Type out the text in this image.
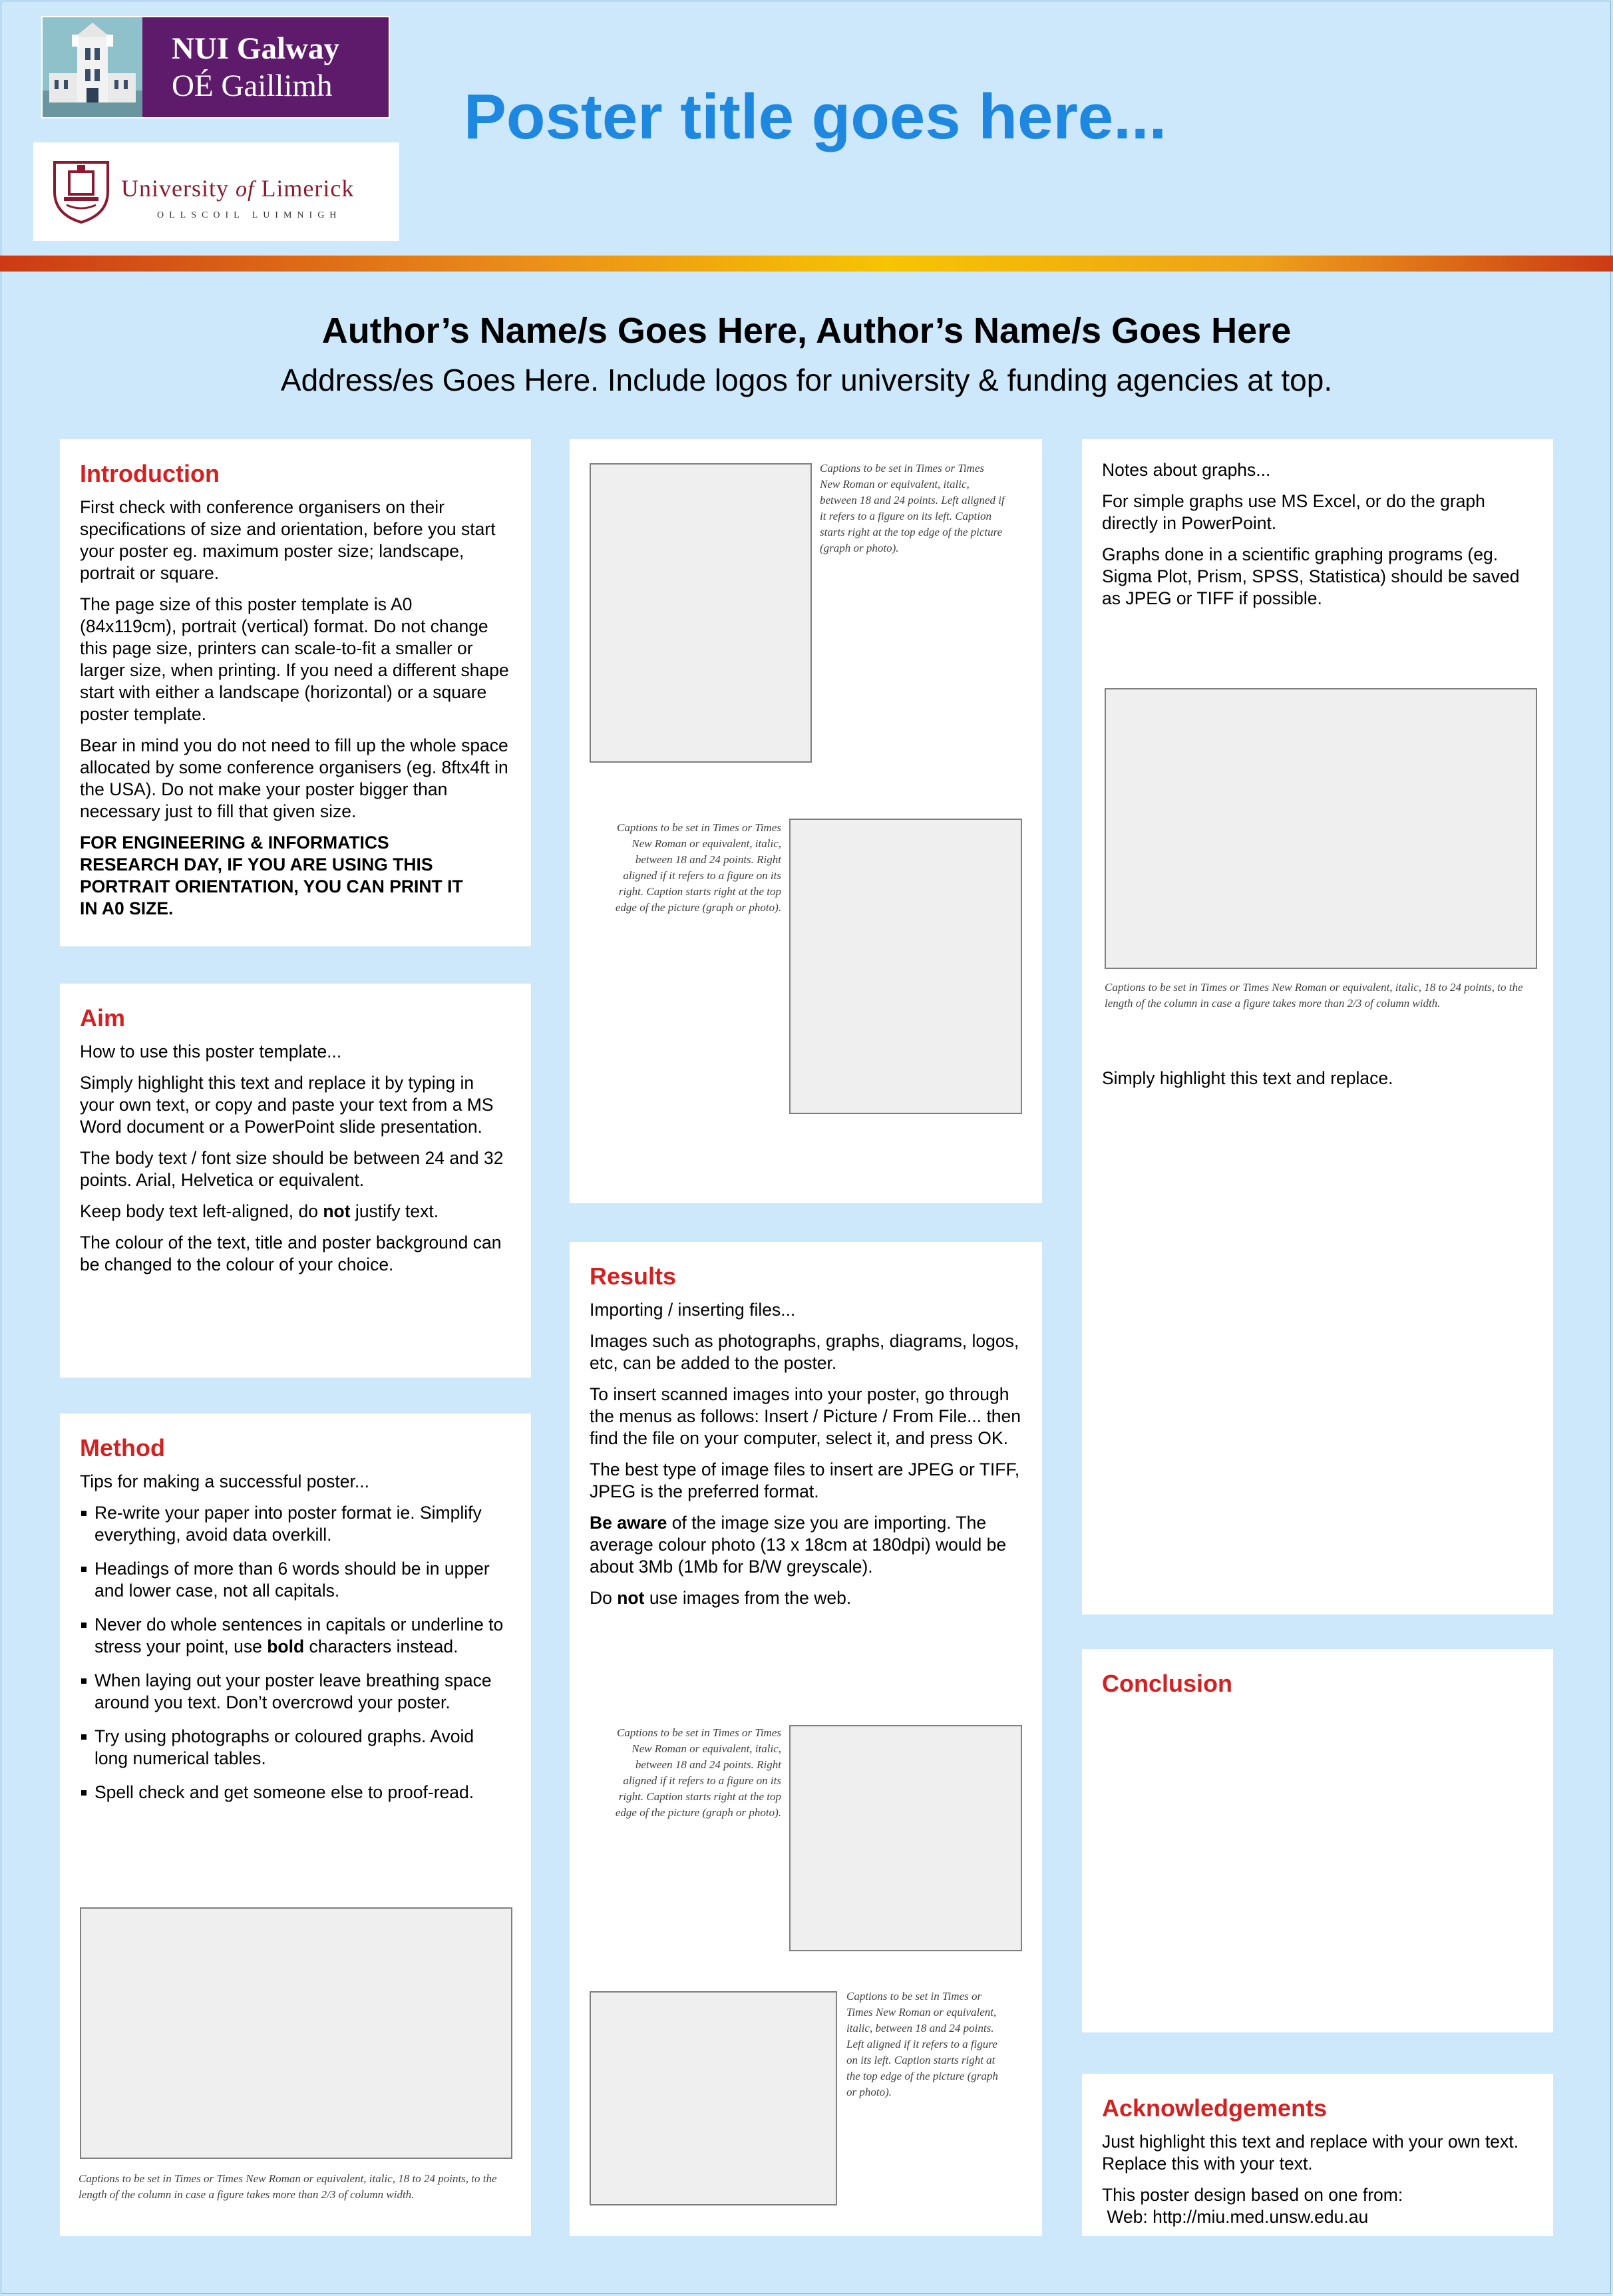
NUI Galway
OÉ Gaillimh
University of Limerick
OLLSCOIL LUIMNIGH
Poster title goes here...
Author’s Name/s Goes Here, Author’s Name/s Goes Here
Address/es Goes Here. Include logos for university & funding agencies at top.
Introduction

First check with conference organisers on their specifications of size and orientation, before you start your poster eg. maximum poster size; landscape, portrait or square.

The page size of this poster template is A0 (84x119cm), portrait (vertical) format. Do not change this page size, printers can scale-to-fit a smaller or larger size, when printing. If you need a different shape start with either a landscape (horizontal) or a square poster template.

Bear in mind you do not need to fill up the whole space allocated by some conference organisers (eg. 8ftx4ft in the USA). Do not make your poster bigger than necessary just to fill that given size.

FOR ENGINEERING & INFORMATICS RESEARCH DAY, IF YOU ARE USING THIS PORTRAIT ORIENTATION, YOU CAN PRINT IT IN A0 SIZE.

Aim

How to use this poster template...

Simply highlight this text and replace it by typing in your own text, or copy and paste your text from a MS Word document or a PowerPoint slide presentation.

The body text / font size should be between 24 and 32 points. Arial, Helvetica or equivalent.

Keep body text left-aligned, do not justify text.

The colour of the text, title and poster background can be changed to the colour of your choice.

Method

Tips for making a successful poster...

Re-write your paper into poster format ie. Simplify everything, avoid data overkill.
Headings of more than 6 words should be in upper and lower case, not all capitals.
Never do whole sentences in capitals or underline to stress your point, use bold characters instead.
When laying out your poster leave breathing space around you text. Don’t overcrowd your poster.
Try using photographs or coloured graphs. Avoid long numerical tables.
Spell check and get someone else to proof-read.
Captions to be set in Times or Times New Roman or equivalent, italic, 18 to 24 points, to the length of the column in case a figure takes more than 2/3 of column width.
Captions to be set in Times or Times New Roman or equivalent, italic, between 18 and 24 points. Left aligned if it refers to a figure on its left. Caption starts right at the top edge of the picture (graph or photo).
Captions to be set in Times or Times New Roman or equivalent, italic, between 18 and 24 points. Right aligned if it refers to a figure on its right. Caption starts right at the top edge of the picture (graph or photo).
Results

Importing / inserting files...

Images such as photographs, graphs, diagrams, logos, etc, can be added to the poster.

To insert scanned images into your poster, go through the menus as follows: Insert / Picture / From File... then find the file on your computer, select it, and press OK.

The best type of image files to insert are JPEG or TIFF, JPEG is the preferred format.

Be aware of the image size you are importing. The average colour photo (13 x 18cm at 180dpi) would be about 3Mb (1Mb for B/W greyscale).

Do not use images from the web.

Captions to be set in Times or Times New Roman or equivalent, italic, between 18 and 24 points. Right aligned if it refers to a figure on its right. Caption starts right at the top edge of the picture (graph or photo).
Captions to be set in Times or Times New Roman or equivalent, italic, between 18 and 24 points. Left aligned if it refers to a figure on its left. Caption starts right at the top edge of the picture (graph or photo).

Notes about graphs...

For simple graphs use MS Excel, or do the graph directly in PowerPoint.

Graphs done in a scientific graphing programs (eg. Sigma Plot, Prism, SPSS, Statistica) should be saved as JPEG or TIFF if possible.

Captions to be set in Times or Times New Roman or equivalent, italic, 18 to 24 points, to the length of the column in case a figure takes more than 2/3 of column width.

Simply highlight this text and replace.

Conclusion
Acknowledgements

Just highlight this text and replace with your own text. Replace this with your text.

This poster design based on one from:

Web: http://miu.med.unsw.edu.au
